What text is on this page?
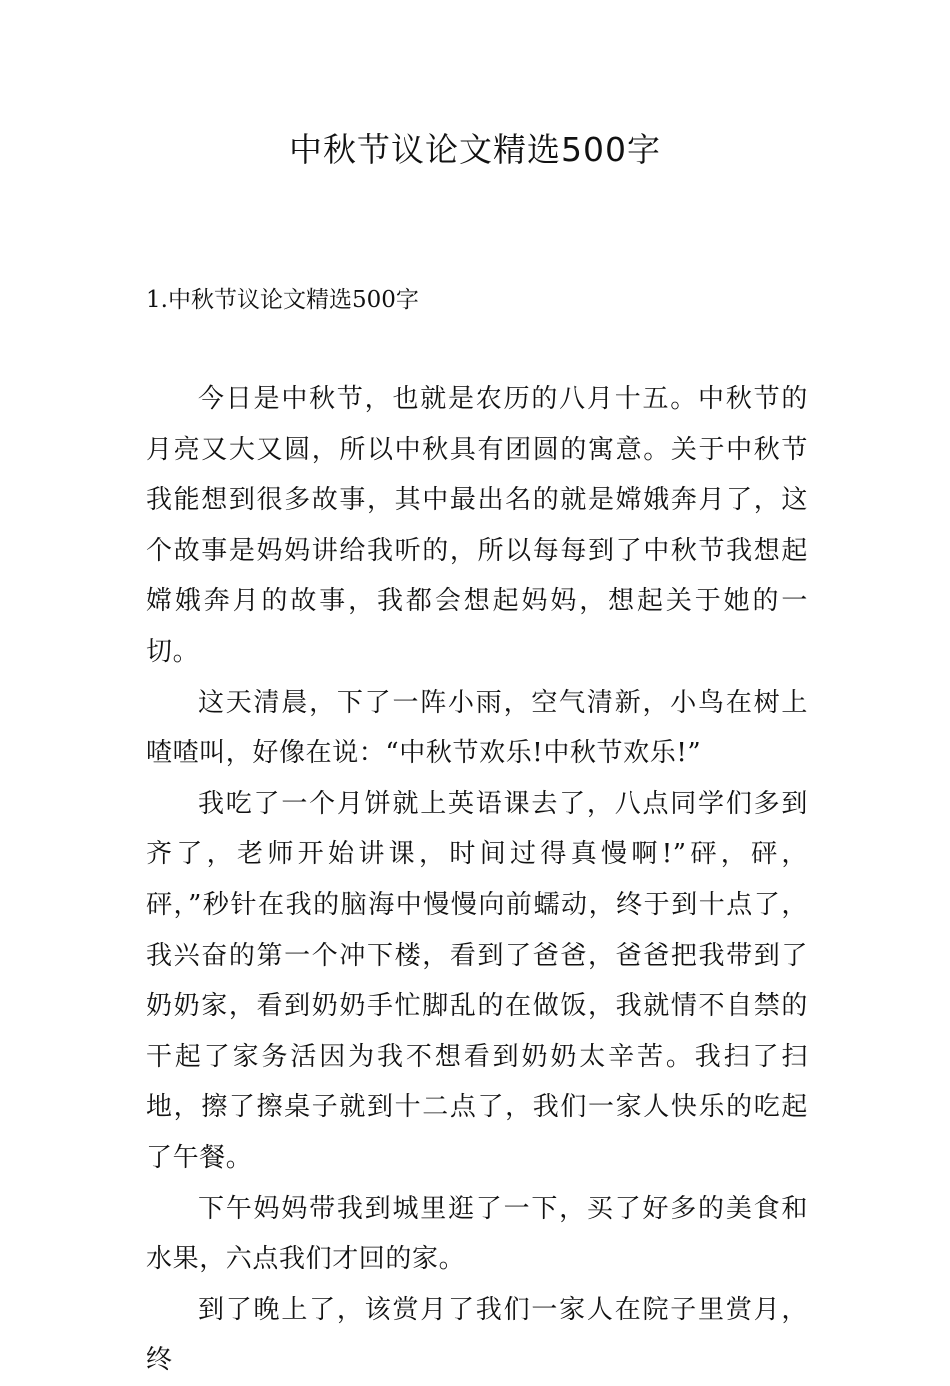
中秋节议论文精选500字
1.中秋节议论文精选500字

今日是中秋节，也就是农历的八月十五。中秋节的月亮又大又圆，所以中秋具有团圆的寓意。关于中秋节我能想到很多故事，其中最出名的就是嫦娥奔月了，这个故事是妈妈讲给我听的，所以每每到了中秋节我想起嫦娥奔月的故事，我都会想起妈妈，想起关于她的一切。

这天清晨，下了一阵小雨，空气清新，小鸟在树上喳喳叫，好像在说：“中秋节欢乐!中秋节欢乐!”

我吃了一个月饼就上英语课去了，八点同学们多到齐了，老师开始讲课，时间过得真慢啊!”砰，砰，砰，”秒针在我的脑海中慢慢向前蠕动，终于到十点了，我兴奋的第一个冲下楼，看到了爸爸，爸爸把我带到了奶奶家，看到奶奶手忙脚乱的在做饭，我就情不自禁的干起了家务活因为我不想看到奶奶太辛苦。我扫了扫地，擦了擦桌子就到十二点了，我们一家人快乐的吃起了午餐。

下午妈妈带我到城里逛了一下，买了好多的美食和水果，六点我们才回的家。

到了晚上了，该赏月了我们一家人在院子里赏月，终
